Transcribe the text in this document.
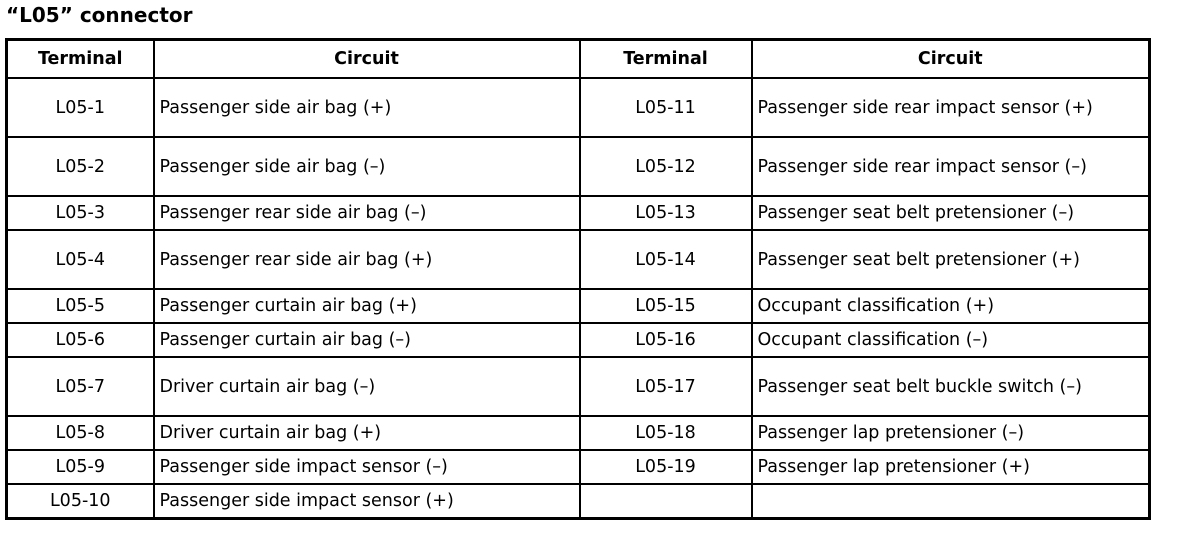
“L05” connector
Terminal	Circuit	Terminal	Circuit
L05-1	Passenger side air bag (+)	L05-11	Passenger side rear impact sensor (+)
L05-2	Passenger side air bag (–)	L05-12	Passenger side rear impact sensor (–)
L05-3	Passenger rear side air bag (–)	L05-13	Passenger seat belt pretensioner (–)
L05-4	Passenger rear side air bag (+)	L05-14	Passenger seat belt pretensioner (+)
L05-5	Passenger curtain air bag (+)	L05-15	Occupant classification (+)
L05-6	Passenger curtain air bag (–)	L05-16	Occupant classification (–)
L05-7	Driver curtain air bag (–)	L05-17	Passenger seat belt buckle switch (–)
L05-8	Driver curtain air bag (+)	L05-18	Passenger lap pretensioner (–)
L05-9	Passenger side impact sensor (–)	L05-19	Passenger lap pretensioner (+)
L05-10	Passenger side impact sensor (+)		
